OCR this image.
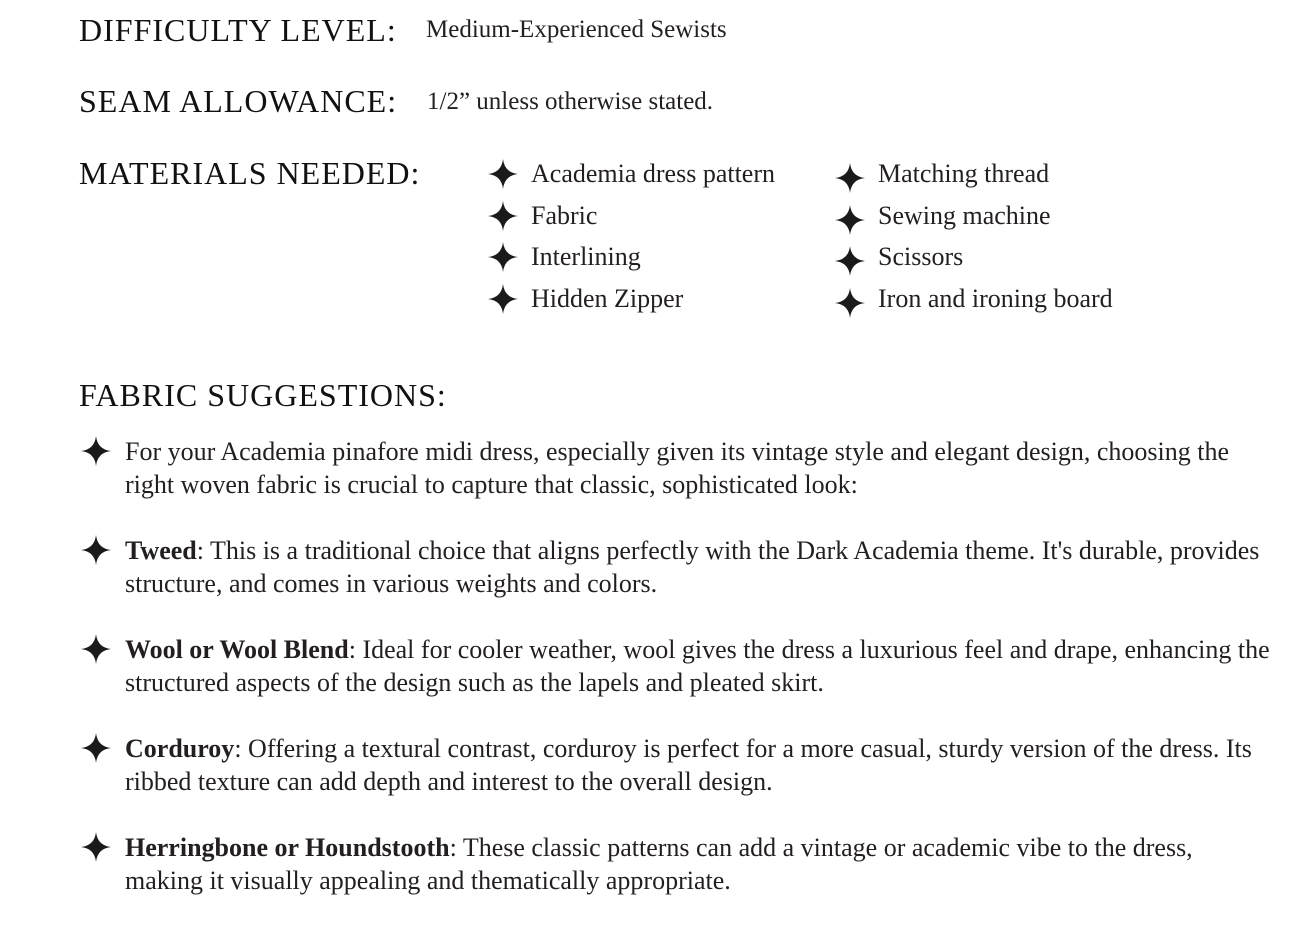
DIFFICULTY LEVEL: Medium-Experienced Sewists
SEAM ALLOWANCE: 1/2” unless otherwise stated.
MATERIALS NEEDED:	Academia dress pattern
Fabric
Interlining
Hidden Zipper
Matching thread
Sewing machine
Scissors
Iron and ironing board
FABRIC SUGGESTIONS:
For your Academia pinafore midi dress, especially given its vintage style and elegant design, choosing the right woven fabric is crucial to capture that classic, sophisticated look:
Tweed: This is a traditional choice that aligns perfectly with the Dark Academia theme. It's durable, provides structure, and comes in various weights and colors.
Wool or Wool Blend: Ideal for cooler weather, wool gives the dress a luxurious feel and drape, enhancing the structured aspects of the design such as the lapels and pleated skirt.
Corduroy: Offering a textural contrast, corduroy is perfect for a more casual, sturdy version of the dress. Its ribbed texture can add depth and interest to the overall design.
Herringbone or Houndstooth: These classic patterns can add a vintage or academic vibe to the dress, making it visually appealing and thematically appropriate.
